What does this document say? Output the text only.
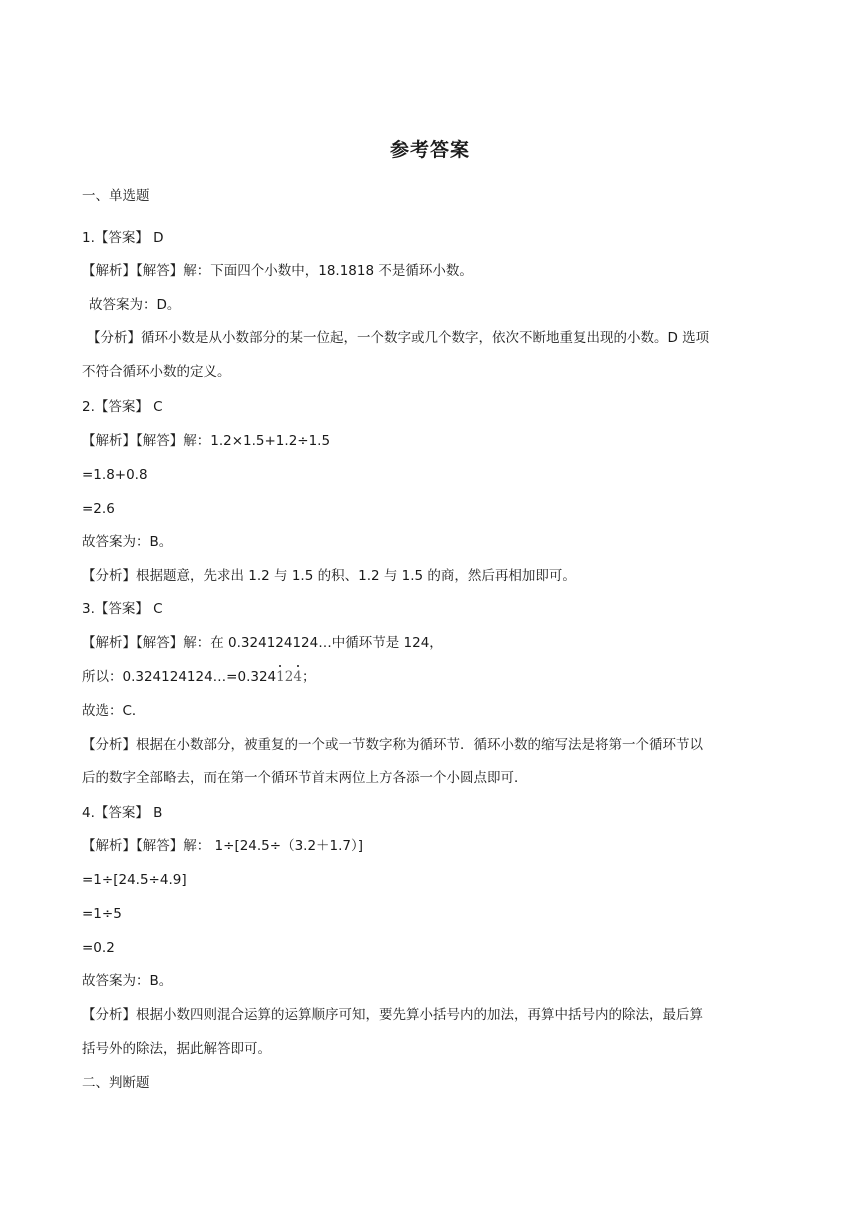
参考答案
一、单选题
1.【答案】 D
【解析】【解答】解：下面四个小数中，18.1818 不是循环小数。
故答案为：D。
【分析】循环小数是从小数部分的某一位起，一个数字或几个数字，依次不断地重复出现的小数。D 选项
不符合循环小数的定义。
2.【答案】 C
【解析】【解答】解：1.2×1.5+1.2÷1.5
=1.8+0.8
=2.6
故答案为：B。
【分析】根据题意，先求出 1.2 与 1.5 的积、1.2 与 1.5 的商，然后再相加即可。
3.【答案】 C
【解析】【解答】解：在 0.324124124…中循环节是 124，
所以：0.324124124…=0.324
124；
故选：C．
【分析】根据在小数部分，被重复的一个或一节数字称为循环节．循环小数的缩写法是将第一个循环节以
后的数字全部略去，而在第一个循环节首末两位上方各添一个小圆点即可．
4.【答案】 B
【解析】【解答】解： 1÷[24.5÷（3.2＋1.7）]
=1÷[24.5÷4.9]
=1÷5
=0.2
故答案为：B。
【分析】根据小数四则混合运算的运算顺序可知，要先算小括号内的加法，再算中括号内的除法，最后算
括号外的除法，据此解答即可。
二、判断题
